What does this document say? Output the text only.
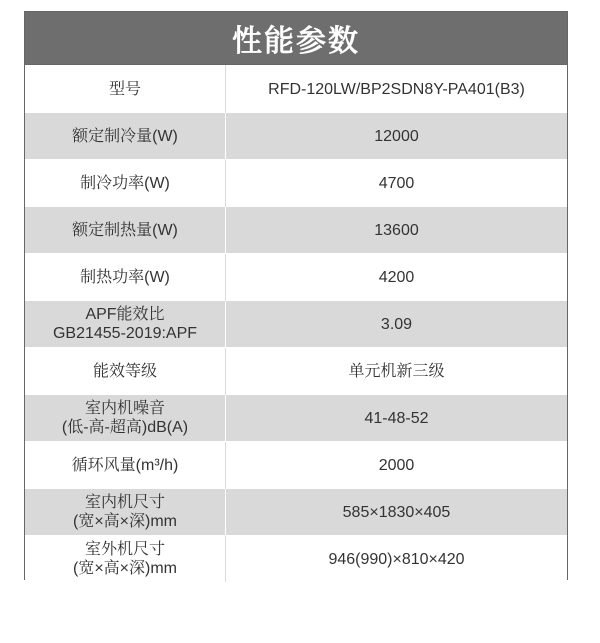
性能参数
型号	RFD-120LW/BP2SDN8Y-PA401(B3)

额定制冷量(W)	12000

制冷功率(W)	4700

额定制热量(W)	13600

制热功率(W)	4200

APF能效比
GB21455-2019:APF	3.09

能效等级	单元机新三级

室内机噪音
(低-高-超高)dB(A)	41-48-52

循环风量(m³/h)	2000

室内机尺寸
(宽×高×深)mm	585×1830×405

室外机尺寸
(宽×高×深)mm	946(990)×810×420
